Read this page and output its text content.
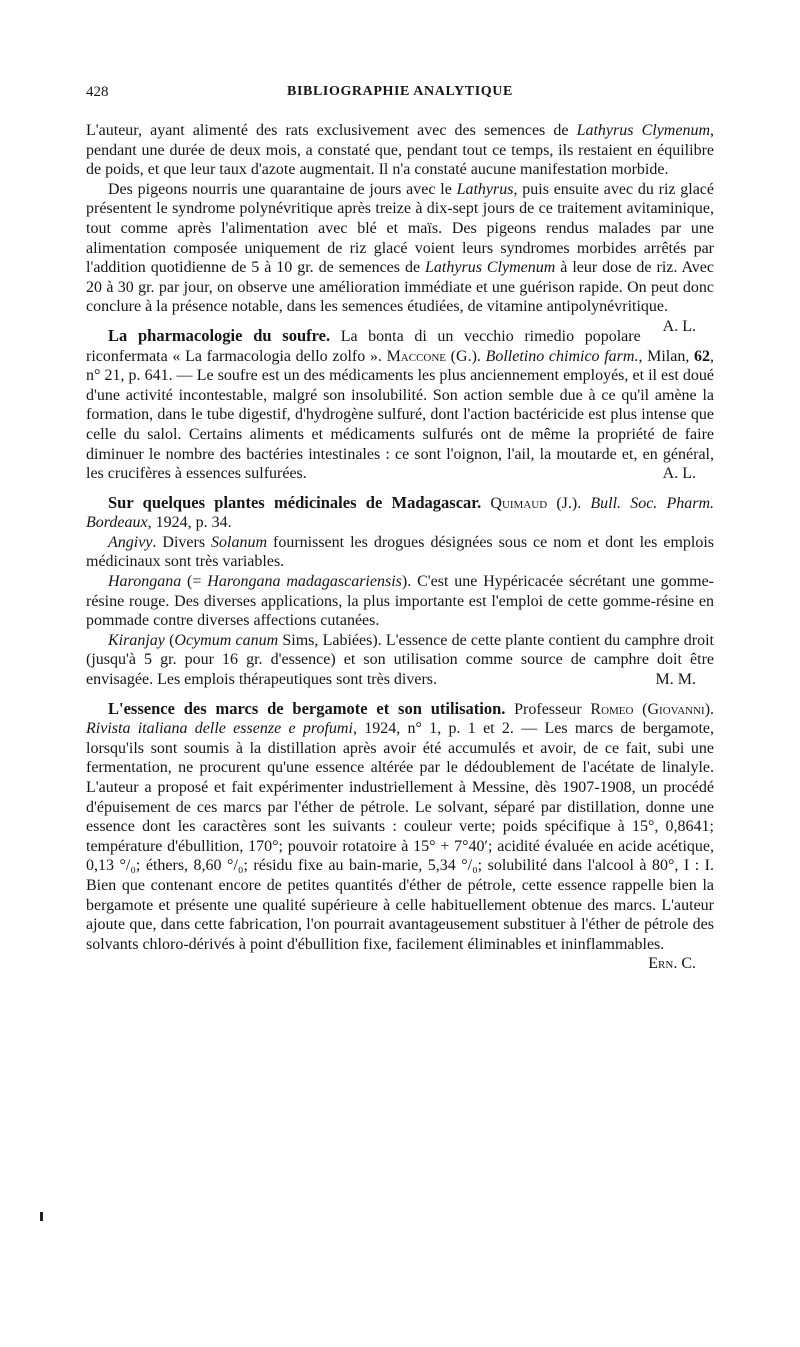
428	BIBLIOGRAPHIE ANALYTIQUE

L'auteur, ayant alimenté des rats exclusivement avec des semences de Lathyrus Clymenum, pendant une durée de deux mois, a constaté que, pendant tout ce temps, ils restaient en équilibre de poids, et que leur taux d'azote augmentait. Il n'a constaté aucune manifestation morbide.

Des pigeons nourris une quarantaine de jours avec le Lathyrus, puis ensuite avec du riz glacé présentent le syndrome polynévritique après treize à dix-sept jours de ce traitement avitaminique, tout comme après l'alimentation avec blé et maïs. Des pigeons rendus malades par une alimentation composée uniquement de riz glacé voient leurs syndromes morbides arrêtés par l'addition quotidienne de 5 à 10 gr. de semences de Lathyrus Clymenum à leur dose de riz. Avec 20 à 30 gr. par jour, on observe une amélioration immédiate et une guérison rapide. On peut donc conclure à la présence notable, dans les semences étudiées, de vitamine antipolynévritique.
A. L.

La pharmacologie du soufre. La bonta di un vecchio rimedio popolare riconfermata « La farmacologia dello zolfo ». Maccone (G.). Bolletino chimico farm., Milan, 62, n° 21, p. 641. — Le soufre est un des médicaments les plus anciennement employés, et il est doué d'une activité incontestable, malgré son insolubilité. Son action semble due à ce qu'il amène la formation, dans le tube digestif, d'hydrogène sulfuré, dont l'action bactéricide est plus intense que celle du salol. Certains aliments et médicaments sulfurés ont de même la propriété de faire diminuer le nombre des bactéries intestinales : ce sont l'oignon, l'ail, la moutarde et, en général, les crucifères à essences sulfurées.	A. L.

Sur quelques plantes médicinales de Madagascar. Quimaud (J.). Bull. Soc. Pharm. Bordeaux, 1924, p. 34.

Angivy. Divers Solanum fournissent les drogues désignées sous ce nom et dont les emplois médicinaux sont très variables.

Harongana (= Harongana madagascariensis). C'est une Hypéricacée sécrétant une gomme-résine rouge. Des diverses applications, la plus importante est l'emploi de cette gomme-résine en pommade contre diverses affections cutanées.

Kiranjay (Ocymum canum Sims, Labiées). L'essence de cette plante contient du camphre droit (jusqu'à 5 gr. pour 16 gr. d'essence) et son utilisation comme source de camphre doit être envisagée. Les emplois thérapeutiques sont très divers.	M. M.

L'essence des marcs de bergamote et son utilisation. Professeur Romeo (Giovanni). Rivista italiana delle essenze e profumi, 1924, n° 1, p. 1 et 2. — Les marcs de bergamote, lorsqu'ils sont soumis à la distillation après avoir été accumulés et avoir, de ce fait, subi une fermentation, ne procurent qu'une essence altérée par le dédoublement de l'acétate de linalyle. L'auteur a proposé et fait expérimenter industriellement à Messine, dès 1907-1908, un procédé d'épuisement de ces marcs par l'éther de pétrole. Le solvant, séparé par distillation, donne une essence dont les caractères sont les suivants : couleur verte; poids spécifique à 15°, 0,8641; température d'ébullition, 170°; pouvoir rotatoire à 15° + 7°40′; acidité évaluée en acide acétique, 0,13 °/₀; éthers, 8,60 °/₀; résidu fixe au bain-marie, 5,34 °/₀; solubilité dans l'alcool à 80°, I : I. Bien que contenant encore de petites quantités d'éther de pétrole, cette essence rappelle bien la bergamote et présente une qualité supérieure à celle habituellement obtenue des marcs. L'auteur ajoute que, dans cette fabrication, l'on pourrait avantageusement substituer à l'éther de pétrole des solvants chloro-dérivés à point d'ébullition fixe, facilement éliminables et ininflammables.
Ern. C.
